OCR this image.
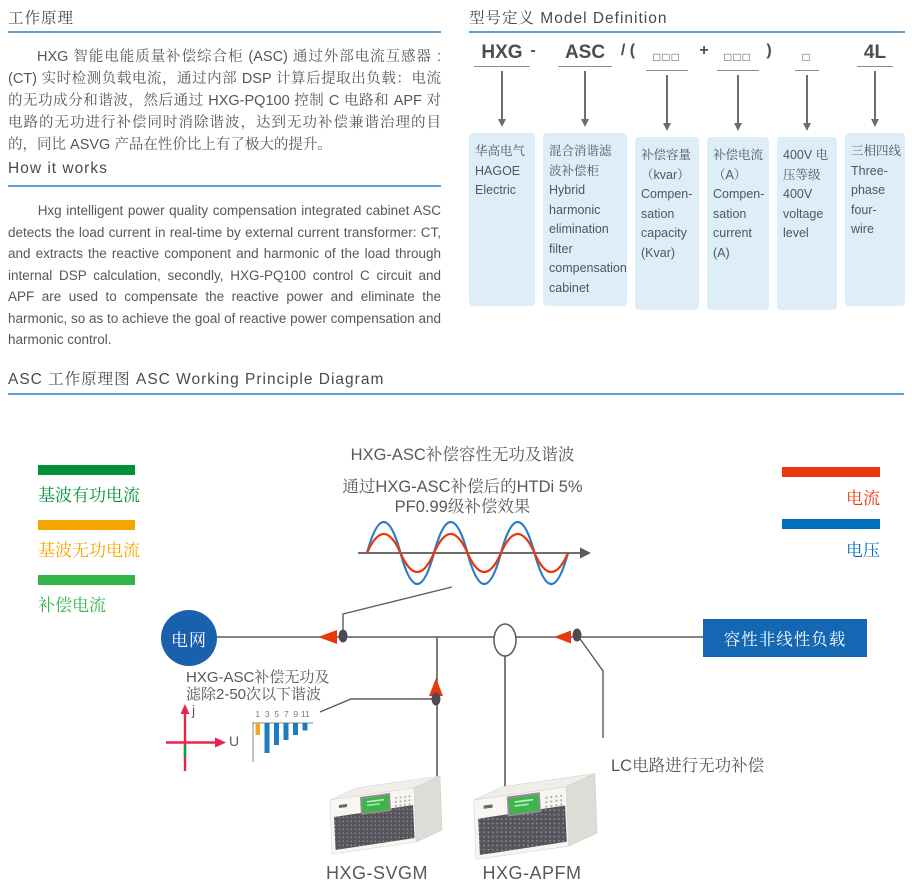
工作原理
HXG 智能电能质量补偿综合柜 (ASC) 通过外部电流互感器 :(CT) 实时检测负载电流，通过内部 DSP 计算后提取出负载：电流的无功成分和谐波，然后通过 HXG-PQ100 控制 C 电路和 APF 对电路的无功进行补偿同时消除谐波，达到无功补偿兼谐治理的目的，同比 ASVG 产品在性价比上有了极大的提升。
How it works
Hxg intelligent power quality compensation integrated cabinet ASC detects the load current in real-time by external current transformer: CT, and extracts the reactive component and harmonic of the load through internal DSP calculation, secondly, HXG-PQ100 control C circuit and APF are used to compensate the reactive power and eliminate the harmonic, so as to achieve the goal of reactive power compensation and harmonic control.
型号定义 Model Definition
-	/ (	+	)
HXG
华高电气
HAGOE
Electric
ASC
混合消谐滤
波补偿柜
Hybrid
harmonic
elimination
filter
compensation
cabinet
□□□
补偿容量
（kvar）
Compen-
sation
capacity
(Kvar)
□□□
补偿电流
（A）
Compen-
sation
current
(A)
□
400V 电
压等级
400V
voltage
level
4L
三相四线
Three-
phase
four-
wire
ASC 工作原理图 ASC Working Principle Diagram
基波有功电流
基波无功电流
补偿电流
电流
电压
HXG-ASC补偿容性无功及谐波
通过HXG-ASC补偿后的HTDi 5%
PF0.99级补偿效果
电网	容性非线性负载
HXG-ASC补偿无功及
滤除2-50次以下谐波
j
U
1 3 5 7 9 11
LC电路进行无功补偿
HXG-SVGM	HXG-APFM
